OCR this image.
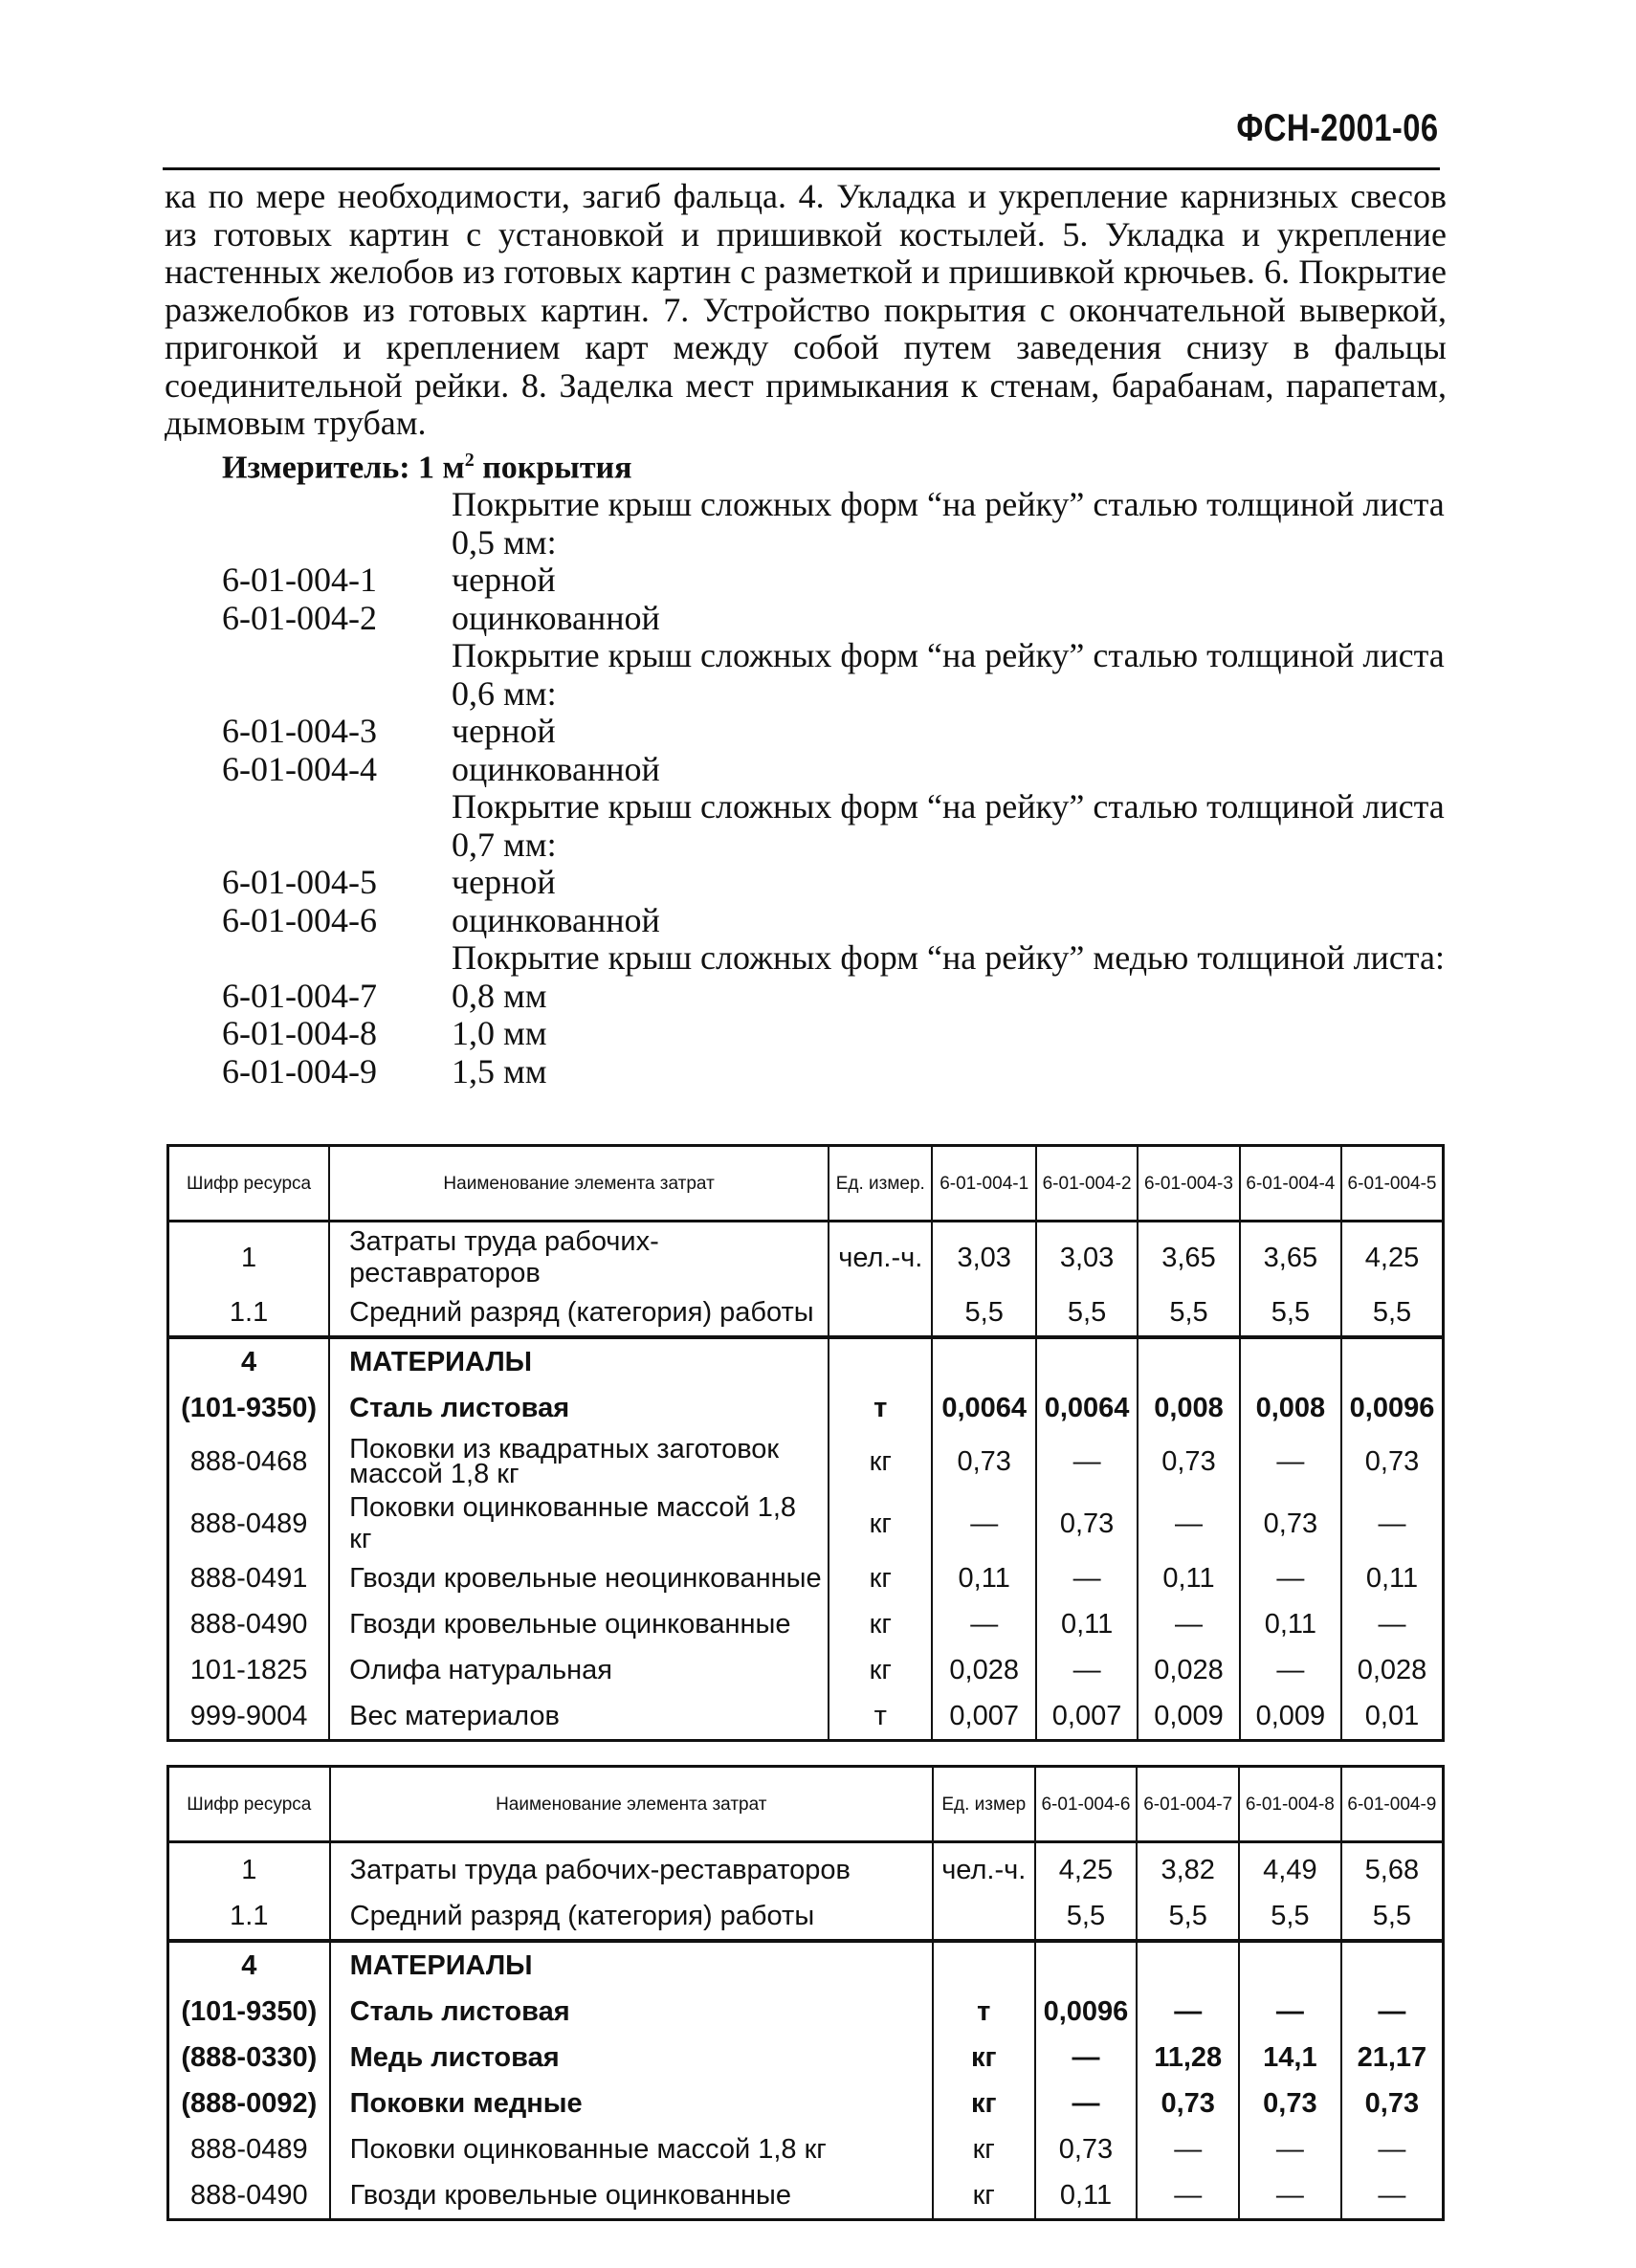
ФСН-2001-06

ка по мере необходимости, загиб фальца. 4. Укладка и укрепление карнизных свесов из готовых картин с установкой и пришивкой костылей. 5. Укладка и укрепление настенных желобов из готовых картин с разметкой и пришивкой крючьев. 6. Покрытие разжелобков из готовых картин. 7. Устройство покрытия с окончательной выверкой, пригонкой и креплением карт между собой путем заведения снизу в фальцы соединительной рейки. 8. Заделка мест примыкания к стенам, барабанам, парапетам, дымовым трубам.

Измеритель: 1 $м^2$ покрытия
Покрытие крыш сложных форм “на рейку” сталью толщиной листа 0,5 мм:
6-01-004-1	черной
6-01-004-2	оцинкованной
Покрытие крыш сложных форм “на рейку” сталью толщиной листа 0,6 мм:
6-01-004-3	черной
6-01-004-4	оцинкованной
Покрытие крыш сложных форм “на рейку” сталью толщиной листа 0,7 мм:
6-01-004-5	черной
6-01-004-6	оцинкованной
Покрытие крыш сложных форм “на рейку” медью толщиной листа:
6-01-004-7	0,8 мм
6-01-004-8	1,0 мм
6-01-004-9	1,5 мм
Шифр ресурса	Наименование элемента затрат	Ед. измер.	6-01-004-1	6-01-004-2	6-01-004-3	6-01-004-4	6-01-004-5
1	Затраты труда рабочих-реставраторов	чел.-ч.	3,03	3,03	3,65	3,65	4,25
1.1	Средний разряд (категория) работы		5,5	5,5	5,5	5,5	5,5
4	МАТЕРИАЛЫ						
(101-9350)	Сталь листовая	т	0,0064	0,0064	0,008	0,008	0,0096
888-0468	Поковки из квадратных заготовок массой 1,8 кг	кг	0,73	—	0,73	—	0,73
888-0489	Поковки оцинкованные массой 1,8 кг	кг	—	0,73	—	0,73	—
888-0491	Гвозди кровельные неоцинкованные	кг	0,11	—	0,11	—	0,11
888-0490	Гвозди кровельные оцинкованные	кг	—	0,11	—	0,11	—
101-1825	Олифа натуральная	кг	0,028	—	0,028	—	0,028
999-9004	Вес материалов	т	0,007	0,007	0,009	0,009	0,01
Шифр ресурса	Наименование элемента затрат	Ед. измер	6-01-004-6	6-01-004-7	6-01-004-8	6-01-004-9
1	Затраты труда рабочих-реставраторов	чел.-ч.	4,25	3,82	4,49	5,68
1.1	Средний разряд (категория) работы		5,5	5,5	5,5	5,5
4	МАТЕРИАЛЫ					
(101-9350)	Сталь листовая	т	0,0096	—	—	—
(888-0330)	Медь листовая	кг	—	11,28	14,1	21,17
(888-0092)	Поковки медные	кг	—	0,73	0,73	0,73
888-0489	Поковки оцинкованные массой 1,8 кг	кг	0,73	—	—	—
888-0490	Гвозди кровельные оцинкованные	кг	0,11	—	—	—
